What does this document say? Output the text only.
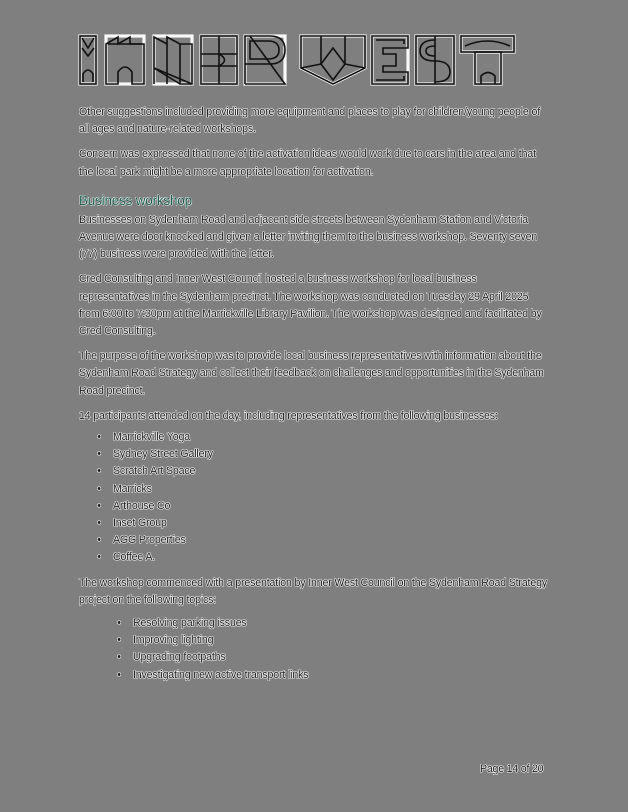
Other suggestions included providing more equipment and places to play for children/young people of all ages and nature-related workshops.

Concern was expressed that none of the activation ideas would work due to cars in the area and that the local park might be a more appropriate location for activation.

Business workshop

Businesses on Sydenham Road and adjacent side streets between Sydenham Station and Victoria Avenue were door knocked and given a letter inviting them to the business workshop. Seventy seven (77) business were provided with the letter.

Cred Consulting and Inner West Council hosted a business workshop for local business representatives in the Sydenham precinct. The workshop was conducted on Tuesday 29 April 2025 from 6:00 to 7:30pm at the Marrickville Library Pavilion. The workshop was designed and facilitated by Cred Consulting.

The purpose of the workshop was to provide local business representatives with information about the Sydenham Road Strategy and collect their feedback on challenges and opportunities in the Sydenham Road precinct.

14 participants attended on the day, including representatives from the following businesses:

•	Marrickville Yoga
•	Sydney Street Gallery
•	Scratch Art Space
•	Marricks
•	Arthouse Co
•	Inset Group
•	AGG Properties
•	Coffee A.

The workshop commenced with a presentation by Inner West Council on the Sydenham Road Strategy project on the following topics:

•	Resolving parking issues
•	Improving lighting
•	Upgrading footpaths
•	Investigating new active transport links
Page 14 of 20
